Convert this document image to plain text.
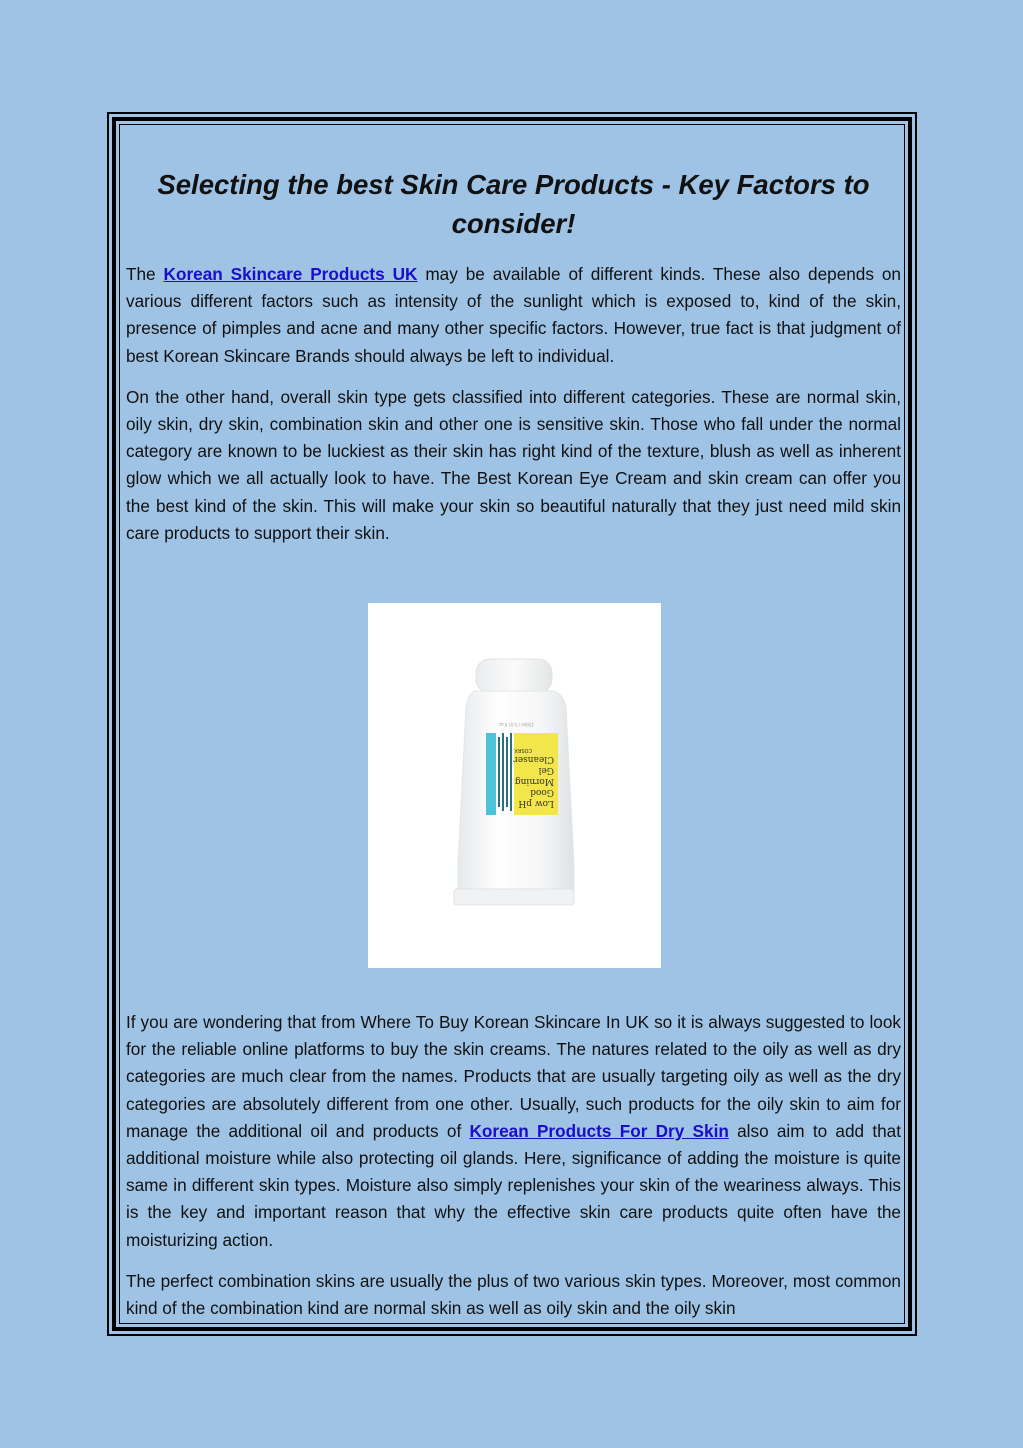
Selecting the best Skin Care Products - Key Factors to consider!

The Korean Skincare Products UK may be available of different kinds. These also depends on various different factors such as intensity of the sunlight which is exposed to, kind of the skin, presence of pimples and acne and many other specific factors. However, true fact is that judgment of best Korean Skincare Brands should always be left to individual.

On the other hand, overall skin type gets classified into different categories. These are normal skin, oily skin, dry skin, combination skin and other one is sensitive skin. Those who fall under the normal category are known to be luckiest as their skin has right kind of the texture, blush as well as inherent glow which we all actually look to have. The Best Korean Eye Cream and skin cream can offer you the best kind of the skin. This will make your skin so beautiful naturally that they just need mild skin care products to support their skin.

COSRX
Low pH
Good
Morning
Gel
Cleanser
150ml / 5.07 fl.oz

If you are wondering that from Where To Buy Korean Skincare In UK so it is always suggested to look for the reliable online platforms to buy the skin creams. The natures related to the oily as well as dry categories are much clear from the names. Products that are usually targeting oily as well as the dry categories are absolutely different from one other. Usually, such products for the oily skin to aim for manage the additional oil and products of Korean Products For Dry Skin also aim to add that additional moisture while also protecting oil glands. Here, significance of adding the moisture is quite same in different skin types. Moisture also simply replenishes your skin of the weariness always. This is the key and important reason that why the effective skin care products quite often have the moisturizing action.

The perfect combination skins are usually the plus of two various skin types. Moreover, most common kind of the combination kind are normal skin as well as oily skin and the oily skin
